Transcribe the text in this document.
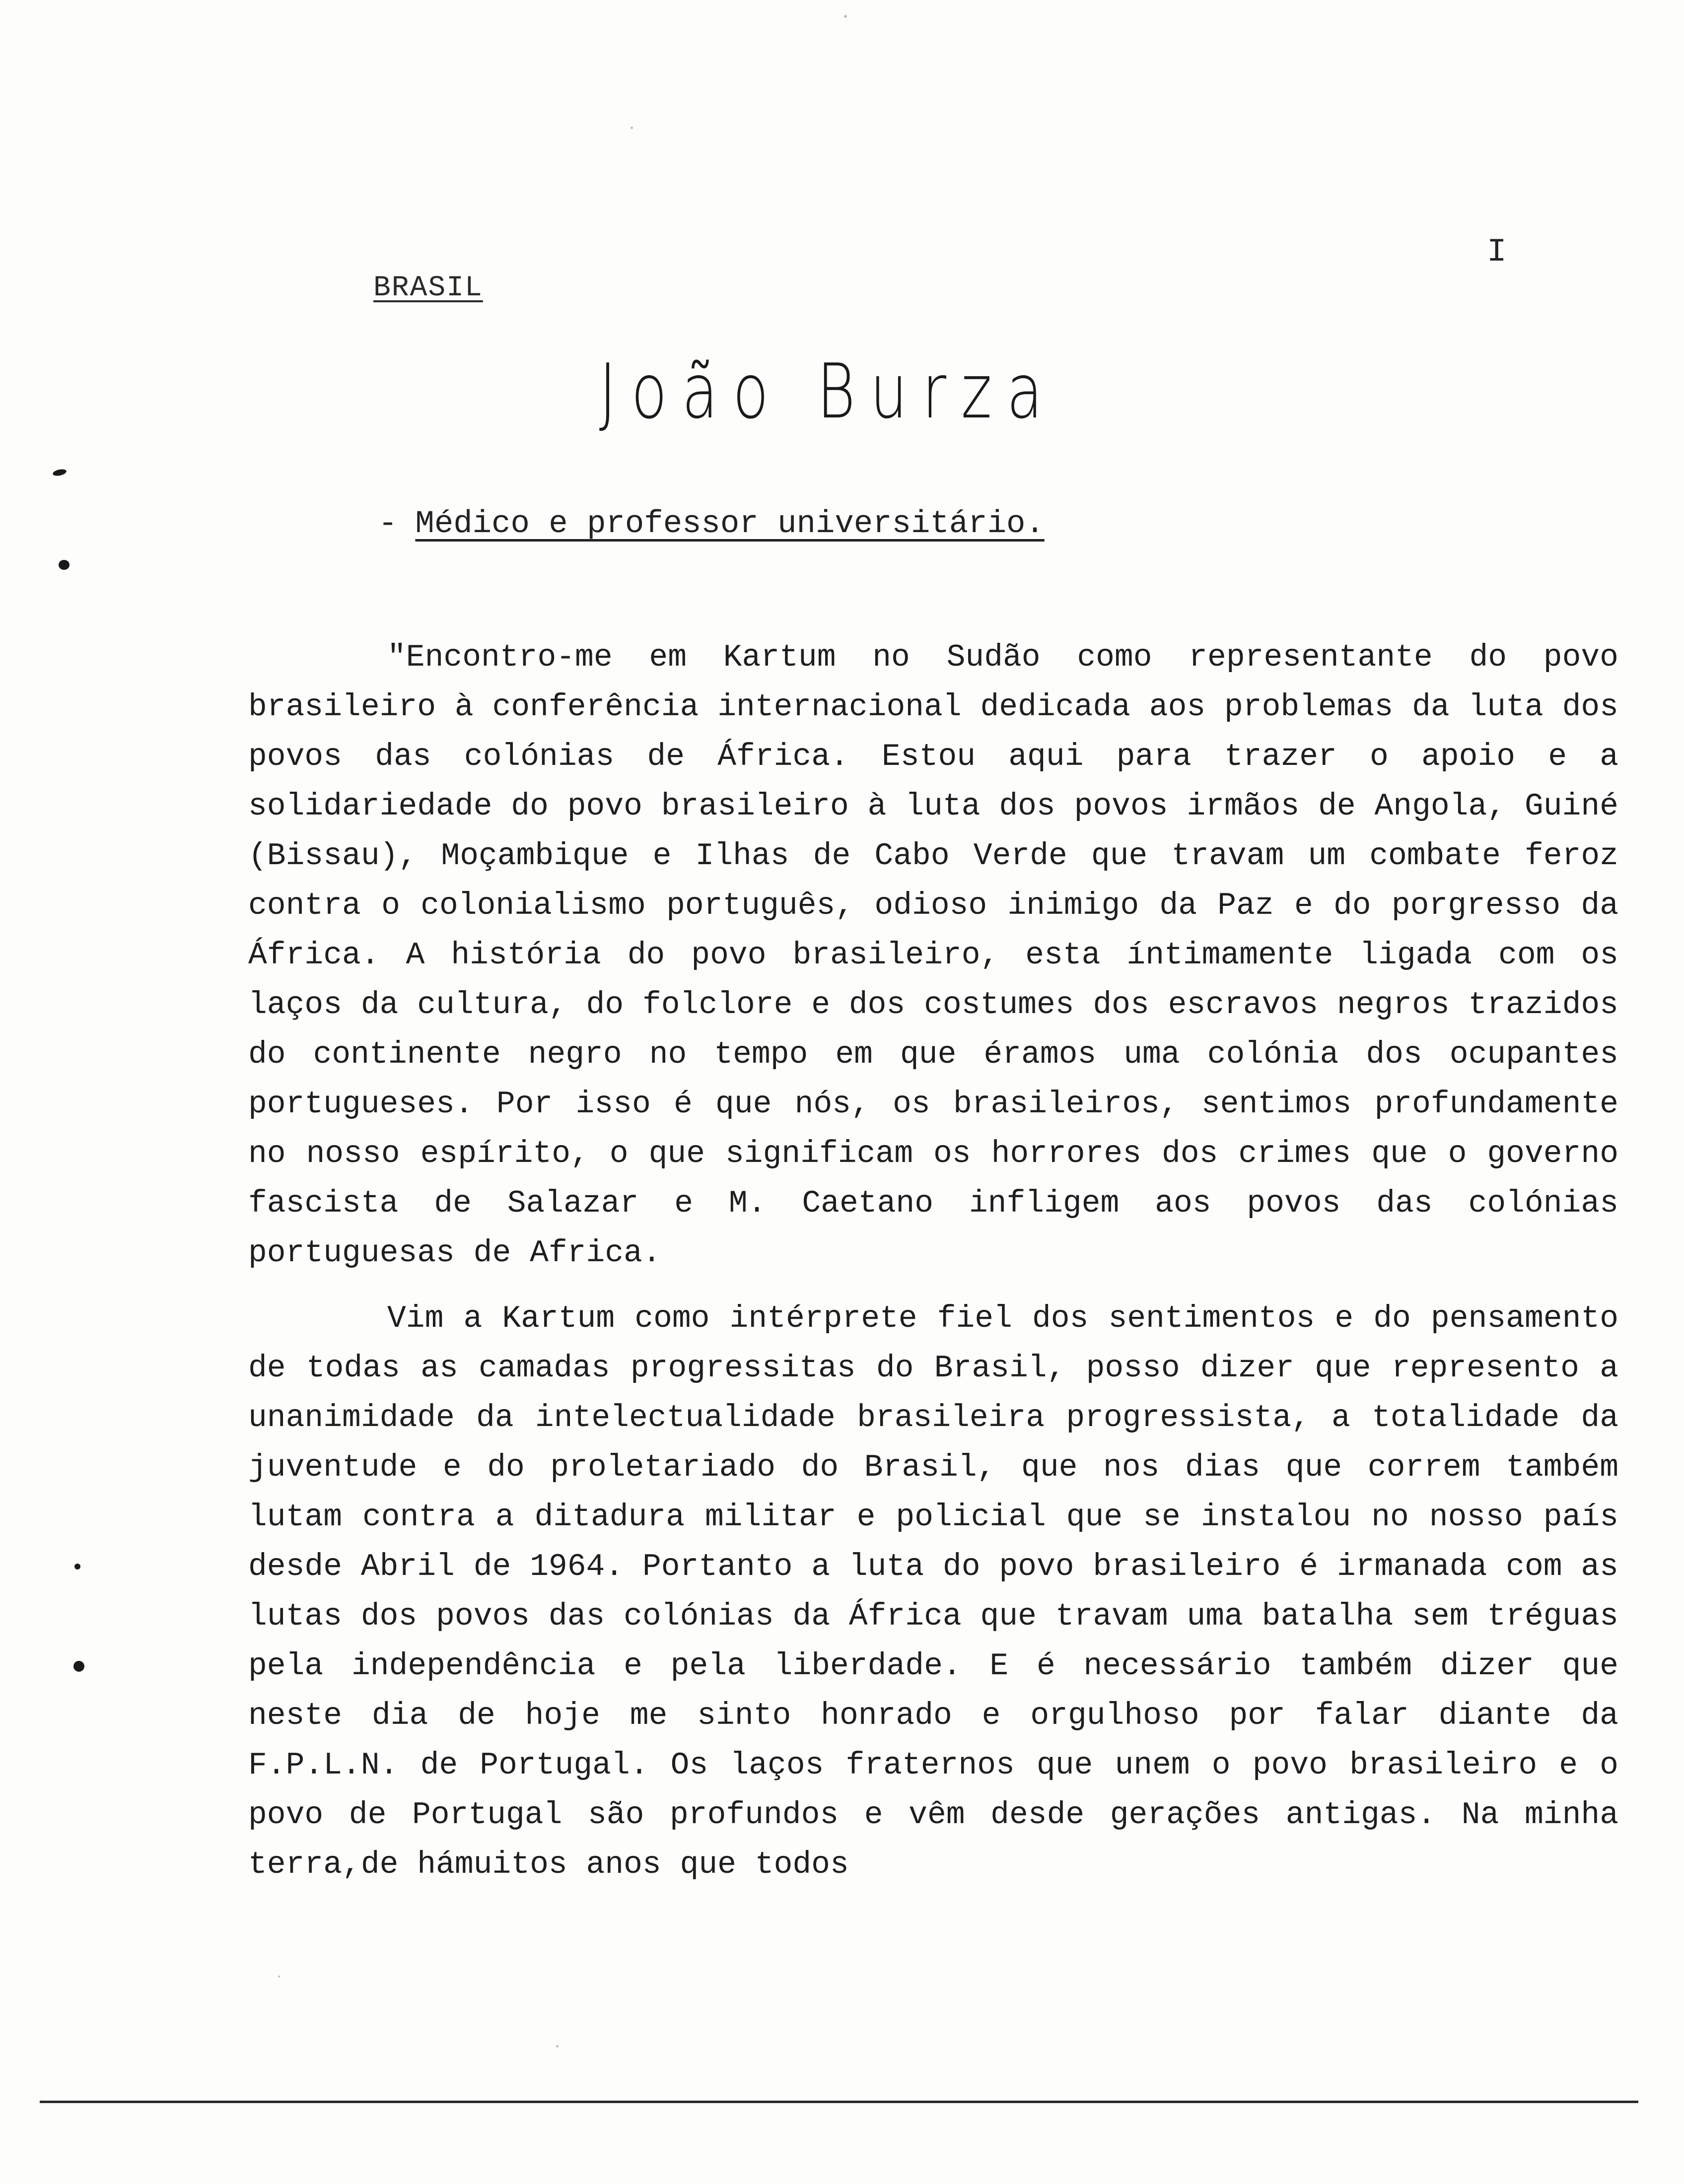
I
BRASIL
João Burza
- Médico e professor universitário.

"Encontro-me em Kartum no Sudão como representante do povo brasileiro à conferência internacional dedicada aos problemas da luta dos povos das colónias de África. Estou aqui para trazer o apoio e a solidariedade do povo brasileiro à luta dos povos irmãos de Angola, Guiné (Bissau), Moçambique e Ilhas de Cabo Verde que travam um combate feroz contra o colonialismo português, odioso inimigo da Paz e do porgresso da África. A história do povo brasileiro, esta íntimamente ligada com os laços da cultura, do folclore e dos costumes dos escravos negros trazidos do continente negro no tempo em que éramos uma colónia dos ocupantes portugueses. Por isso é que nós, os brasileiros, sentimos profundamente no nosso espírito, o que significam os horrores dos crimes que o governo fascista de Salazar e M. Caetano infligem aos povos das colónias portuguesas de Africa.

Vim a Kartum como intérprete fiel dos sentimentos e do pensamento de todas as camadas progressitas do Brasil, posso dizer que represento a unanimidade da intelectualidade brasileira progressista, a totalidade da juventude e do proletariado do Brasil, que nos dias que correm também lutam contra a ditadura militar e policial que se instalou no nosso país desde Abril de 1964. Portanto a luta do povo brasileiro é irmanada com as lutas dos povos das colónias da África que travam uma batalha sem tréguas pela independência e pela liberdade. E é necessário também dizer que neste dia de hoje me sinto honrado e orgulhoso por falar diante da F.P.L.N. de Portugal. Os laços fraternos que unem o povo brasileiro e o povo de Portugal são profundos e vêm desde gerações antigas. Na minha terra,de hámuitos anos que todos
